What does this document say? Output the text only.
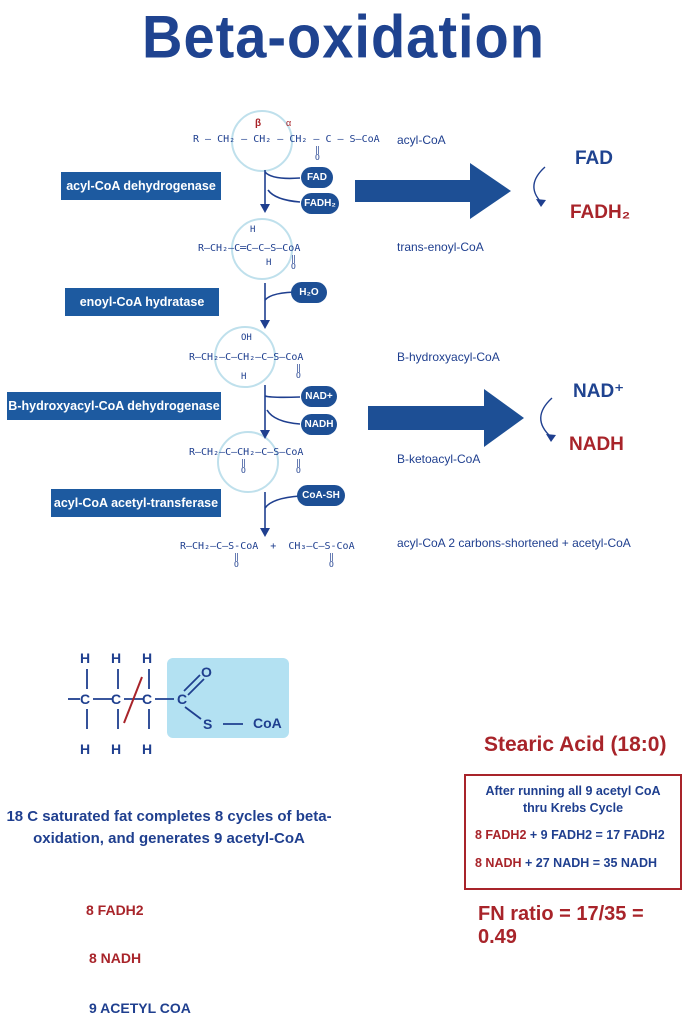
Beta-oxidation
R — CH₂ — CH₂ — CH₂ — C — S—CoA
‖
O
β	α
acyl-CoA
acyl-CoA dehydrogenase
FAD
FADH₂
FAD
FADH₂
H
R—CH₂—C═C—C—S—CoA
H ‖
O
trans-enoyl-CoA
enoyl-CoA hydratase
H₂O
OH
R—CH₂—C—CH₂—C—S—CoA
H
‖
O
B-hydroxyacyl-CoA
B-hydroxyacyl-CoA dehydrogenase
NAD+
NADH
NAD⁺
NADH
R—CH₂—C—CH₂—C—S—CoA
‖
O
‖
O
B-ketoacyl-CoA
acyl-CoA acetyl-transferase
CoA-SH
R—CH₂—C—S-CoA  +  CH₃—C—S-CoA
‖
O
‖
O
acyl-CoA 2 carbons-shortened + acetyl-CoA
H H H
C C C C
H H H
O
S	CoA
18 C saturated fat completes 8 cycles of beta-oxidation, and generates 9 acetyl-CoA
8 FADH2
8 NADH
9 ACETYL COA
Stearic Acid (18:0)
After running all 9 acetyl CoA thru Krebs Cycle
8 FADH2 + 9 FADH2 = 17 FADH2
8 NADH + 27 NADH = 35 NADH
FN ratio = 17/35 = 0.49
